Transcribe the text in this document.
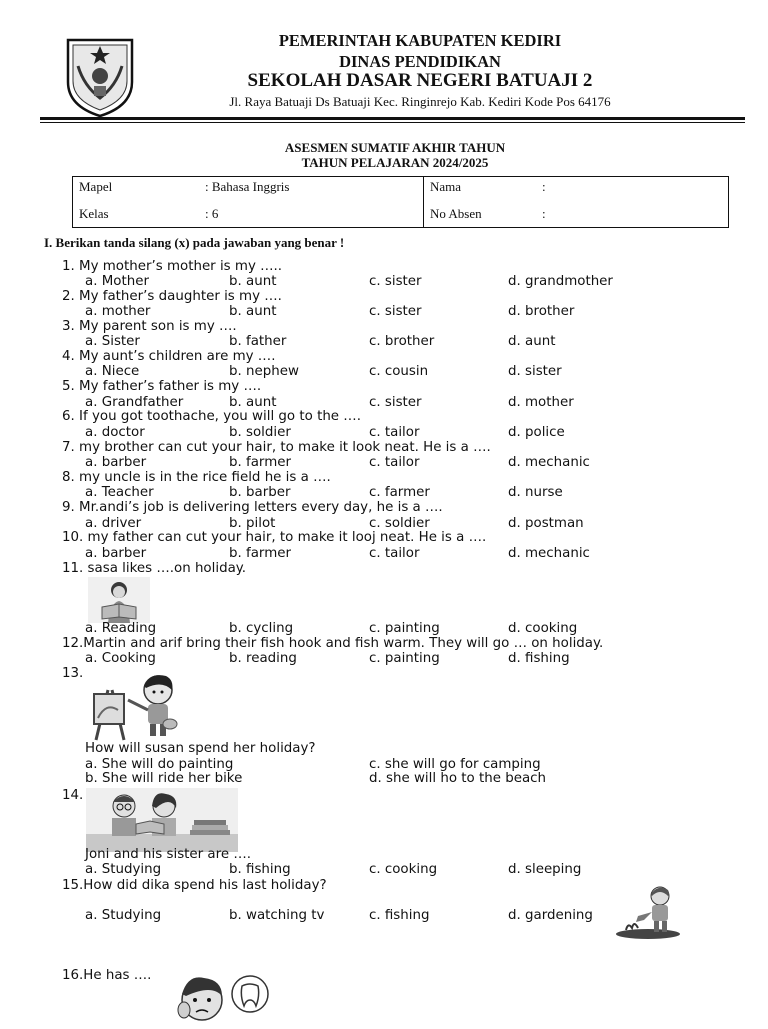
PEMERINTAH KABUPATEN KEDIRI
DINAS PENDIDIKAN
SEKOLAH DASAR NEGERI BATUAJI 2
Jl. Raya Batuaji Ds Batuaji Kec. Ringinrejo Kab. Kediri Kode Pos 64176
ASESMEN SUMATIF AKHIR TAHUN
TAHUN PELAJARAN 2024/2025
Mapel	: Bahasa Inggris	Nama	:
Kelas	: 6	No Absen	:
I. Berikan tanda silang (x) pada jawaban yang benar !
1. My mother’s mother is my …..
a. Mother	b. aunt	c. sister	d. grandmother
2. My father’s daughter is my ….
a. mother	b. aunt	c. sister	d. brother
3. My parent son is my ….
a. Sister	b. father	c. brother	d. aunt
4. My aunt’s children are my ….
a. Niece	b. nephew	c. cousin	d. sister
5. My father’s father is my ….
a. Grandfather	b. aunt	c. sister	d. mother
6. If you got toothache, you will go to the ….
a. doctor	b. soldier	c. tailor	d. police
7. my brother can cut your hair, to make it look neat. He is a ….
a. barber	b. farmer	c. tailor	d. mechanic
8. my uncle is in the rice field he is a ….
a. Teacher	b. barber	c. farmer	d. nurse
9. Mr.andi’s job is delivering letters every day, he is a ….
a. driver	b. pilot	c. soldier	d. postman
10. my father can cut your hair, to make it looj neat. He is a ….
a. barber	b. farmer	c. tailor	d. mechanic
11. sasa likes ….on holiday.
a. Reading	b. cycling	c. painting	d. cooking
12.Martin and arif bring their fish hook and fish warm. They will go … on holiday.
a. Cooking	b. reading	c. painting	d. fishing
13.
How will susan spend her holiday?
a. She will do painting	c. she will go for camping
b. She will ride her bike	d. she will ho to the beach
14.
Joni and his sister are ….
a. Studying	b. fishing	c. cooking	d. sleeping
15.How did dika spend his last holiday?
a. Studying	b. watching tv	c. fishing	d. gardening
16.He has ….
